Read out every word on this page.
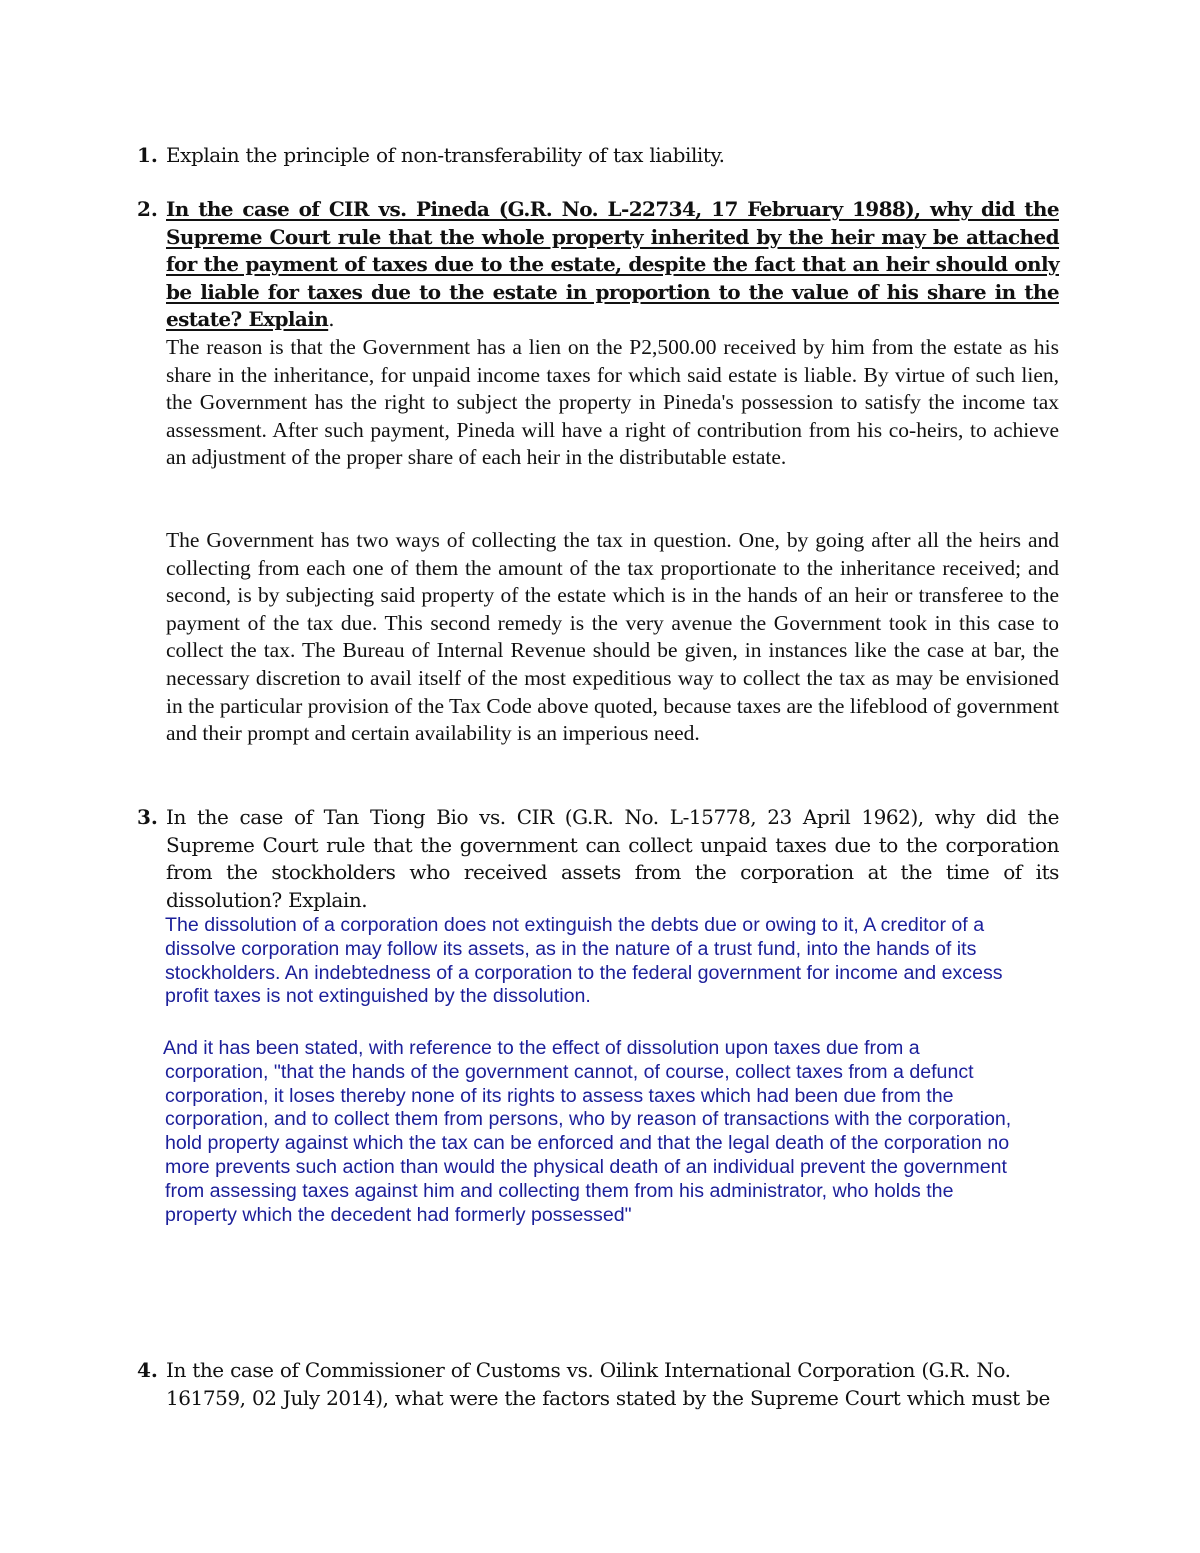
1. Explain the principle of non-transferability of tax liability.
2. In the case of CIR vs. Pineda (G.R. No. L-22734, 17 February 1988), why did the Supreme Court rule that the whole property inherited by the heir may be attached for the payment of taxes due to the estate, despite the fact that an heir should only be liable for taxes due to the estate in proportion to the value of his share in the estate? Explain.
The reason is that the Government has a lien on the P2,500.00 received by him from the estate as his share in the inheritance, for unpaid income taxes for which said estate is liable. By virtue of such lien, the Government has the right to subject the property in Pineda's possession to satisfy the income tax assessment. After such payment, Pineda will have a right of contribution from his co-heirs, to achieve an adjustment of the proper share of each heir in the distributable estate.
The Government has two ways of collecting the tax in question. One, by going after all the heirs and collecting from each one of them the amount of the tax proportionate to the inheritance received; and second, is by subjecting said property of the estate which is in the hands of an heir or transferee to the payment of the tax due. This second remedy is the very avenue the Government took in this case to collect the tax. The Bureau of Internal Revenue should be given, in instances like the case at bar, the necessary discretion to avail itself of the most expeditious way to collect the tax as may be envisioned in the particular provision of the Tax Code above quoted, because taxes are the lifeblood of government and their prompt and certain availability is an imperious need.
3. In the case of Tan Tiong Bio vs. CIR (G.R. No. L-15778, 23 April 1962), why did the Supreme Court rule that the government can collect unpaid taxes due to the corporation from the stockholders who received assets from the corporation at the time of its dissolution? Explain.
The dissolution of a corporation does not extinguish the debts due or owing to it, A creditor of a
dissolve corporation may follow its assets, as in the nature of a trust fund, into the hands of its
stockholders. An indebtedness of a corporation to the federal government for income and excess
profit taxes is not extinguished by the dissolution.
And it has been stated, with reference to the effect of dissolution upon taxes due from a
corporation, "that the hands of the government cannot, of course, collect taxes from a defunct
corporation, it loses thereby none of its rights to assess taxes which had been due from the
corporation, and to collect them from persons, who by reason of transactions with the corporation,
hold property against which the tax can be enforced and that the legal death of the corporation no
more prevents such action than would the physical death of an individual prevent the government
from assessing taxes against him and collecting them from his administrator, who holds the
property which the decedent had formerly possessed"
4. In the case of Commissioner of Customs vs. Oilink International Corporation (G.R. No. 161759, 02 July 2014), what were the factors stated by the Supreme Court which must be
